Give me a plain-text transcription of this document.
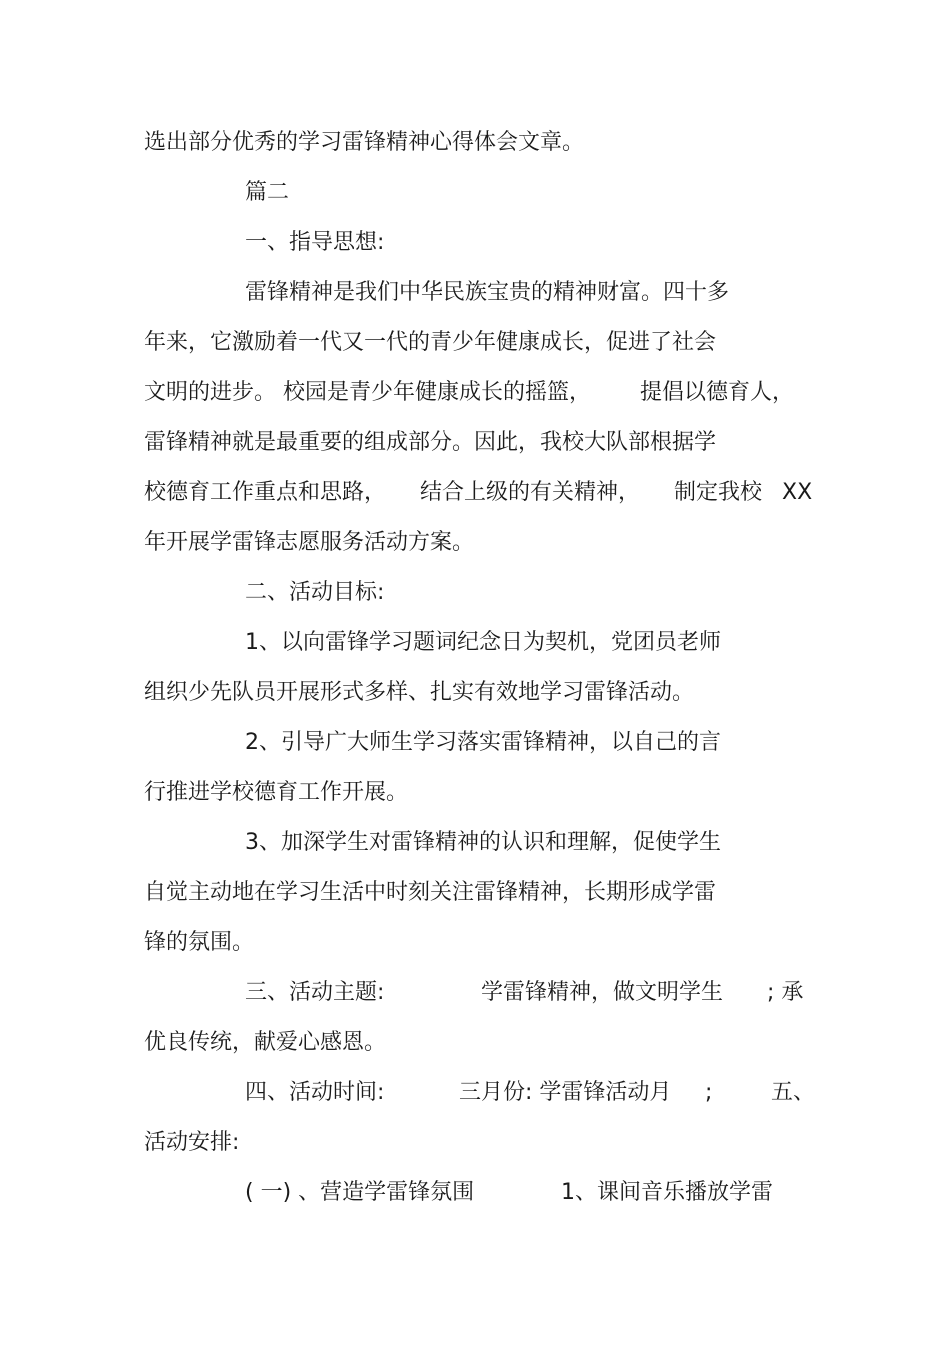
选出部分优秀的学习雷锋精神心得体会文章。
篇二
一、指导思想:
雷锋精神是我们中华民族宝贵的精神财富。四十多
年来，它激励着一代又一代的青少年健康成长，促进了社会
文明的进步。 校园是青少年健康成长的摇篮， 提倡以德育人，
雷锋精神就是最重要的组成部分。因此，我校大队部根据学
校德育工作重点和思路， 结合上级的有关精神， 制定我校 XX
年开展学雷锋志愿服务活动方案。
二、活动目标:
1、以向雷锋学习题词纪念日为契机，党团员老师
组织少先队员开展形式多样、扎实有效地学习雷锋活动。
2、引导广大师生学习落实雷锋精神，以自己的言
行推进学校德育工作开展。
3、加深学生对雷锋精神的认识和理解，促使学生
自觉主动地在学习生活中时刻关注雷锋精神，长期形成学雷
锋的氛围。
三、活动主题:	学雷锋精神，做文明学生 ; 承
优良传统，献爱心感恩。
四、活动时间:	三月份: 学雷锋活动月 ;	五、
活动安排:
( 一) 、营造学雷锋氛围	1、课间音乐播放学雷
